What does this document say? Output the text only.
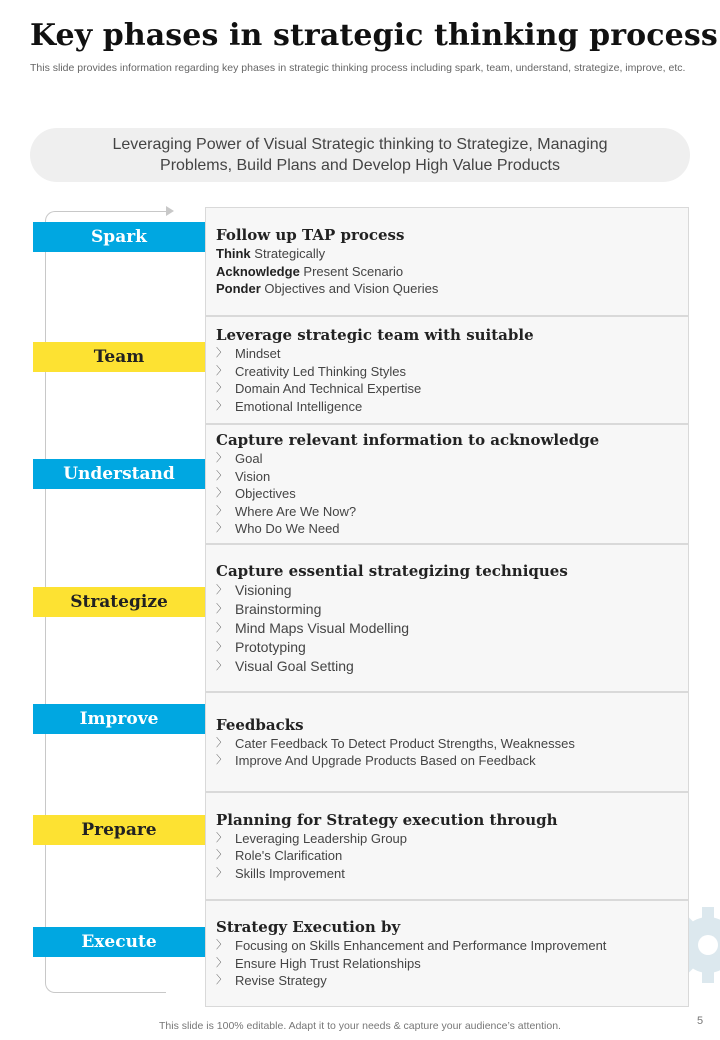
Key phases in strategic thinking process
This slide provides information regarding key phases in strategic thinking process including spark, team, understand, strategize, improve, etc.
Leveraging Power of Visual Strategic thinking to Strategize, Managing
Problems, Build Plans and Develop High Value Products
Spark
Team
Understand
Strategize
Improve
Prepare
Execute
Follow up TAP process
Think Strategically
Acknowledge Present Scenario
Ponder Objectives and Vision Queries
Leverage strategic team with suitable
〉 Mindset
〉 Creativity Led Thinking Styles
〉 Domain And Technical Expertise
〉 Emotional Intelligence
Capture relevant information to acknowledge
〉 Goal
〉 Vision
〉 Objectives
〉 Where Are We Now?
〉 Who Do We Need
Capture essential strategizing techniques
〉 Visioning
〉 Brainstorming
〉 Mind Maps Visual Modelling
〉 Prototyping
〉 Visual Goal Setting
Feedbacks
〉 Cater Feedback To Detect Product Strengths, Weaknesses
〉 Improve And Upgrade Products Based on Feedback
Planning for Strategy execution through
〉 Leveraging Leadership Group
〉 Role's Clarification
〉 Skills Improvement
Strategy Execution by
〉 Focusing on Skills Enhancement and Performance Improvement
〉 Ensure High Trust Relationships
〉 Revise Strategy
This slide is 100% editable. Adapt it to your needs & capture your audience’s attention.	5
